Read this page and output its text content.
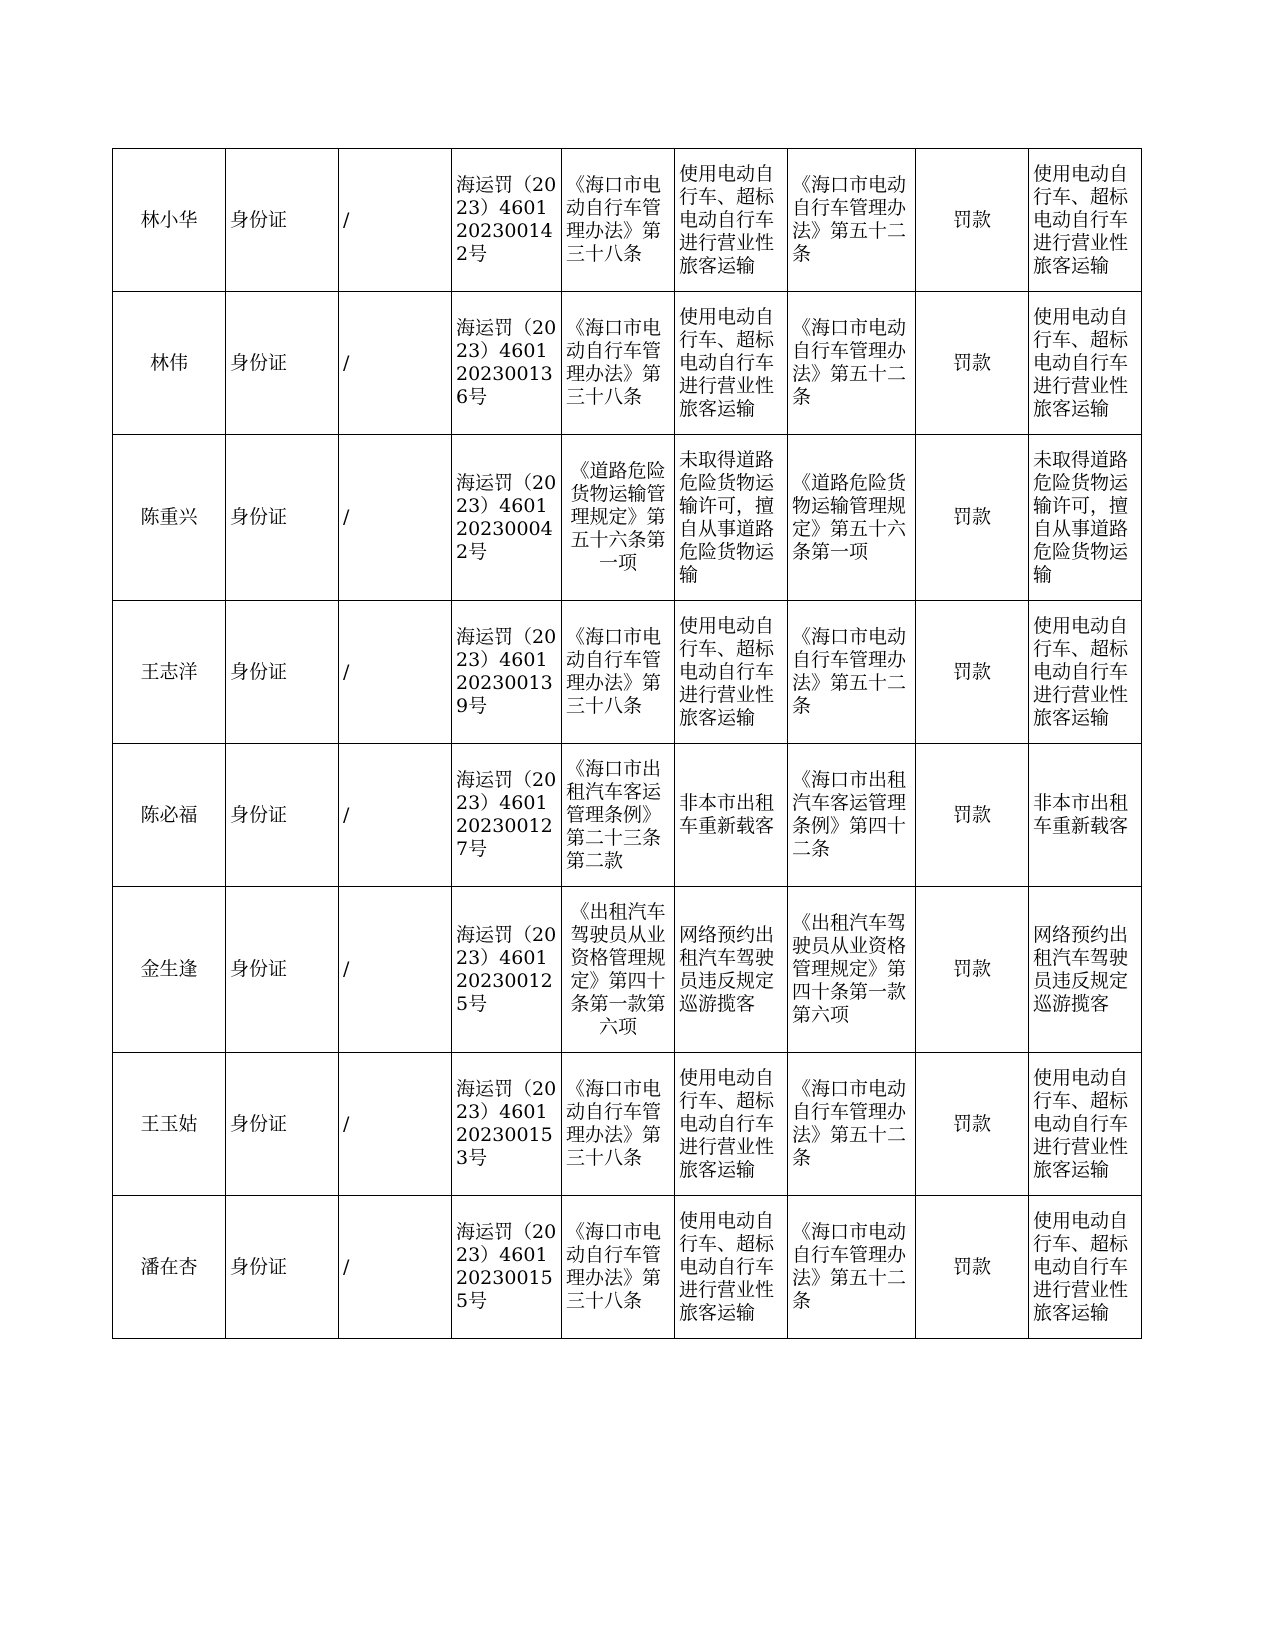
林小华	身份证	/	海运罚（2023）4601202300142号	《海口市电动自行车管理办法》第三十八条	使用电动自行车、超标电动自行车进行营业性旅客运输	《海口市电动自行车管理办法》第五十二条	罚款	使用电动自行车、超标电动自行车进行营业性旅客运输
林伟	身份证	/	海运罚（2023）4601202300136号	《海口市电动自行车管理办法》第三十八条	使用电动自行车、超标电动自行车进行营业性旅客运输	《海口市电动自行车管理办法》第五十二条	罚款	使用电动自行车、超标电动自行车进行营业性旅客运输
陈重兴	身份证	/	海运罚（2023）4601202300042号	《道路危险货物运输管理规定》第五十六条第一项	未取得道路危险货物运输许可，擅自从事道路危险货物运输	《道路危险货物运输管理规定》第五十六条第一项	罚款	未取得道路危险货物运输许可，擅自从事道路危险货物运输
王志洋	身份证	/	海运罚（2023）4601202300139号	《海口市电动自行车管理办法》第三十八条	使用电动自行车、超标电动自行车进行营业性旅客运输	《海口市电动自行车管理办法》第五十二条	罚款	使用电动自行车、超标电动自行车进行营业性旅客运输
陈必福	身份证	/	海运罚（2023）4601202300127号	《海口市出租汽车客运管理条例》第二十三条第二款	非本市出租车重新载客	《海口市出租汽车客运管理条例》第四十二条	罚款	非本市出租车重新载客
金生逢	身份证	/	海运罚（2023）4601202300125号	《出租汽车驾驶员从业资格管理规定》第四十条第一款第六项	网络预约出租汽车驾驶员违反规定巡游揽客	《出租汽车驾驶员从业资格管理规定》第四十条第一款第六项	罚款	网络预约出租汽车驾驶员违反规定巡游揽客
王玉姑	身份证	/	海运罚（2023）4601202300153号	《海口市电动自行车管理办法》第三十八条	使用电动自行车、超标电动自行车进行营业性旅客运输	《海口市电动自行车管理办法》第五十二条	罚款	使用电动自行车、超标电动自行车进行营业性旅客运输
潘在杏	身份证	/	海运罚（2023）4601202300155号	《海口市电动自行车管理办法》第三十八条	使用电动自行车、超标电动自行车进行营业性旅客运输	《海口市电动自行车管理办法》第五十二条	罚款	使用电动自行车、超标电动自行车进行营业性旅客运输
